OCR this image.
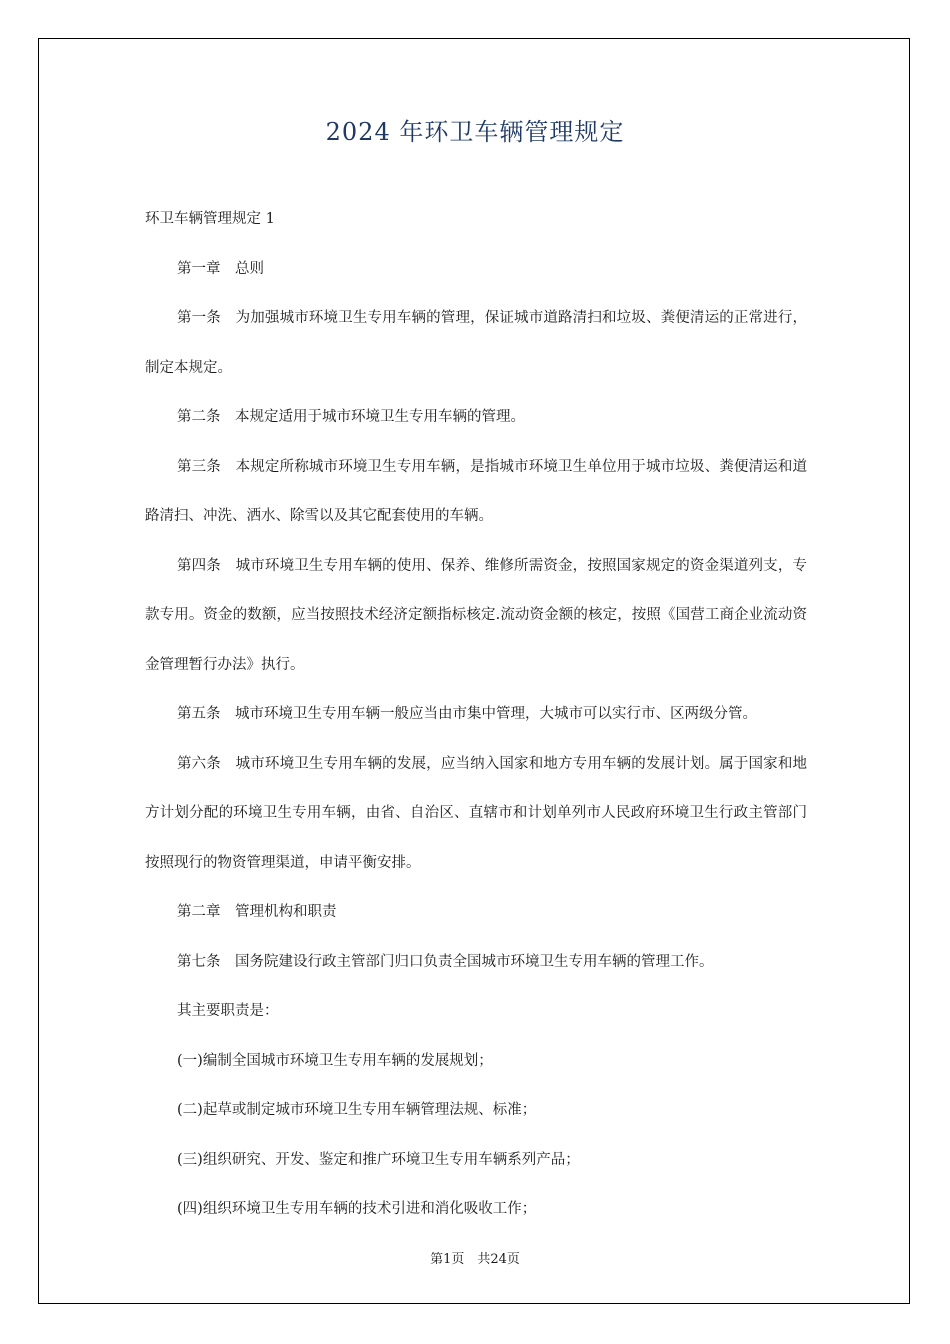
2024 年环卫车辆管理规定

环卫车辆管理规定 1

第一章　总则

第一条　为加强城市环境卫生专用车辆的管理，保证城市道路清扫和垃圾、粪便清运的正常进行，制定本规定。

第二条　本规定适用于城市环境卫生专用车辆的管理。

第三条　本规定所称城市环境卫生专用车辆，是指城市环境卫生单位用于城市垃圾、粪便清运和道路清扫、冲洗、洒水、除雪以及其它配套使用的车辆。

第四条　城市环境卫生专用车辆的使用、保养、维修所需资金，按照国家规定的资金渠道列支，专款专用。资金的数额，应当按照技术经济定额指标核定.流动资金额的核定，按照《国营工商企业流动资金管理暂行办法》执行。

第五条　城市环境卫生专用车辆一般应当由市集中管理，大城市可以实行市、区两级分管。

第六条　城市环境卫生专用车辆的发展，应当纳入国家和地方专用车辆的发展计划。属于国家和地方计划分配的环境卫生专用车辆，由省、自治区、直辖市和计划单列市人民政府环境卫生行政主管部门按照现行的物资管理渠道，申请平衡安排。

第二章　管理机构和职责

第七条　国务院建设行政主管部门归口负责全国城市环境卫生专用车辆的管理工作。

其主要职责是：

(一)编制全国城市环境卫生专用车辆的发展规划；

(二)起草或制定城市环境卫生专用车辆管理法规、标准；

(三)组织研究、开发、鉴定和推广环境卫生专用车辆系列产品；

(四)组织环境卫生专用车辆的技术引进和消化吸收工作；

第1页　共24页
